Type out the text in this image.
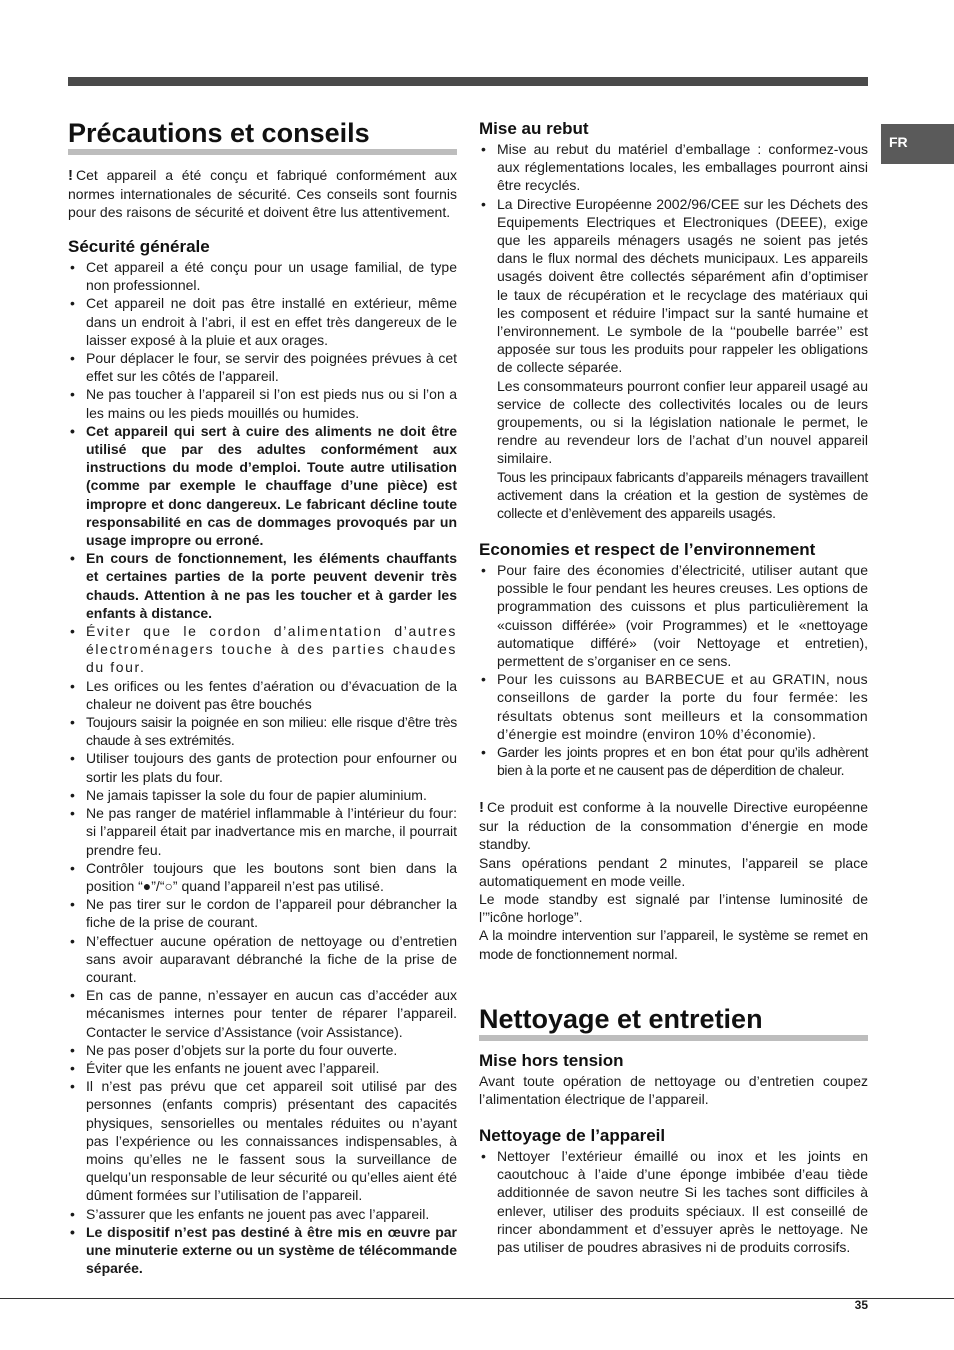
FR
Précautions et conseils
! Cet appareil a été conçu et fabriqué conformément aux normes internationales de sécurité. Ces conseils sont fournis pour des raisons de sécurité et doivent être lus attentivement.
Sécurité générale
• Cet appareil a été conçu pour un usage familial, de type non professionnel.
• Cet appareil ne doit pas être installé en extérieur, même dans un endroit à l’abri, il est en effet très dangereux de le laisser exposé à la pluie et aux orages.
• Pour déplacer le four, se servir des poignées prévues à cet effet sur les côtés de l’appareil.
• Ne pas toucher à l’appareil si l’on est pieds nus ou si l’on a les mains ou les pieds mouillés ou humides.
• Cet appareil qui sert à cuire des aliments ne doit être utilisé que par des adultes conformément aux instructions du mode d’emploi. Toute autre utilisation (comme par exemple le chauffage d’une pièce) est impropre et donc dangereux. Le fabricant décline toute responsabilité en cas de dommages provoqués par un usage impropre ou erroné.
• En cours de fonctionnement, les éléments chauffants et certaines parties de la porte peuvent devenir très chauds. Attention à ne pas les toucher et à garder les enfants à distance.
• Éviter que le cordon d’alimentation d’autres électroménagers touche à des parties chaudes du four.
• Les orifices ou les fentes d’aération ou d’évacuation de la chaleur ne doivent pas être bouchés
• Toujours saisir la poignée en son milieu: elle risque d’être très chaude à ses extrémités.
• Utiliser toujours des gants de protection pour enfourner ou sortir les plats du four.
• Ne jamais tapisser la sole du four de papier aluminium.
• Ne pas ranger de matériel inflammable à l’intérieur du four: si l’appareil était par inadvertance mis en marche, il pourrait prendre feu.
• Contrôler toujours que les boutons sont bien dans la position “●”/“○” quand l’appareil n’est pas utilisé.
• Ne pas tirer sur le cordon de l’appareil pour débrancher la fiche de la prise de courant.
• N’effectuer aucune opération de nettoyage ou d’entretien sans avoir auparavant débranché la fiche de la prise de courant.
• En cas de panne, n’essayer en aucun cas d’accéder aux mécanismes internes pour tenter de réparer l’appareil. Contacter le service d’Assistance (voir Assistance).
• Ne pas poser d’objets sur la porte du four ouverte.
• Éviter que les enfants ne jouent avec l’appareil.
• Il n’est pas prévu que cet appareil soit utilisé par des personnes (enfants compris) présentant des capacités physiques, sensorielles ou mentales réduites ou n’ayant pas l’expérience ou les connaissances indispensables, à moins qu’elles ne le fassent sous la surveillance de quelqu’un responsable de leur sécurité ou qu’elles aient été dûment formées sur l’utilisation de l’appareil.
• S’assurer que les enfants ne jouent pas avec l’appareil.
• Le dispositif n’est pas destiné à être mis en œuvre par une minuterie externe ou un système de télécommande séparée.
Mise au rebut
• Mise au rebut du matériel d’emballage : conformez-vous aux réglementations locales, les emballages pourront ainsi être recyclés.
• La Directive Européenne 2002/96/CEE sur les Déchets des Equipements Electriques et Electroniques (DEEE), exige que les appareils ménagers usagés ne soient pas jetés dans le flux normal des déchets municipaux. Les appareils usagés doivent être collectés séparément afin d’optimiser le taux de récupération et le recyclage des matériaux qui les composent et réduire l’impact sur la santé humaine et l’environnement. Le symbole de la ‘‘poubelle barrée’’ est apposée sur tous les produits pour rappeler les obligations de collecte séparée.
Les consommateurs pourront confier leur appareil usagé au service de collecte des collectivités locales ou de leurs groupements, ou si la législation nationale le permet, le rendre au revendeur lors de l’achat d’un nouvel appareil similaire.
Tous les principaux fabricants d’appareils ménagers travaillent activement dans la création et la gestion de systèmes de collecte et d’enlèvement des appareils usagés.
Economies et respect de l’environnement
• Pour faire des économies d’électricité, utiliser autant que possible le four pendant les heures creuses. Les options de programmation des cuissons et plus particulièrement la «cuisson différée» (voir Programmes) et le «nettoyage automatique différé» (voir Nettoyage et entretien), permettent de s’organiser en ce sens.
• Pour les cuissons au BARBECUE et au GRATIN, nous conseillons de garder la porte du four fermée: les résultats obtenus sont meilleurs et la consommation d’énergie est moindre (environ 10% d’économie).
• Garder les joints propres et en bon état pour qu’ils adhèrent bien à la porte et ne causent pas de déperdition de chaleur.
! Ce produit est conforme à la nouvelle Directive européenne sur la réduction de la consommation d’énergie en mode standby.
Sans opérations pendant 2 minutes, l’appareil se place automatiquement en mode veille.
Le mode standby est signalé par l’intense luminosité de l’”icône horloge”.
A la moindre intervention sur l’appareil, le système se remet en mode de fonctionnement normal.
Nettoyage et entretien
Mise hors tension
Avant toute opération de nettoyage ou d’entretien coupez l’alimentation électrique de l’appareil.
Nettoyage de l’appareil
• Nettoyer l’extérieur émaillé ou inox et les joints en caoutchouc à l’aide d’une éponge imbibée d’eau tiède additionnée de savon neutre Si les taches sont difficiles à enlever, utiliser des produits spéciaux. Il est conseillé de rincer abondamment et d’essuyer après le nettoyage. Ne pas utiliser de poudres abrasives ni de produits corrosifs.
35
